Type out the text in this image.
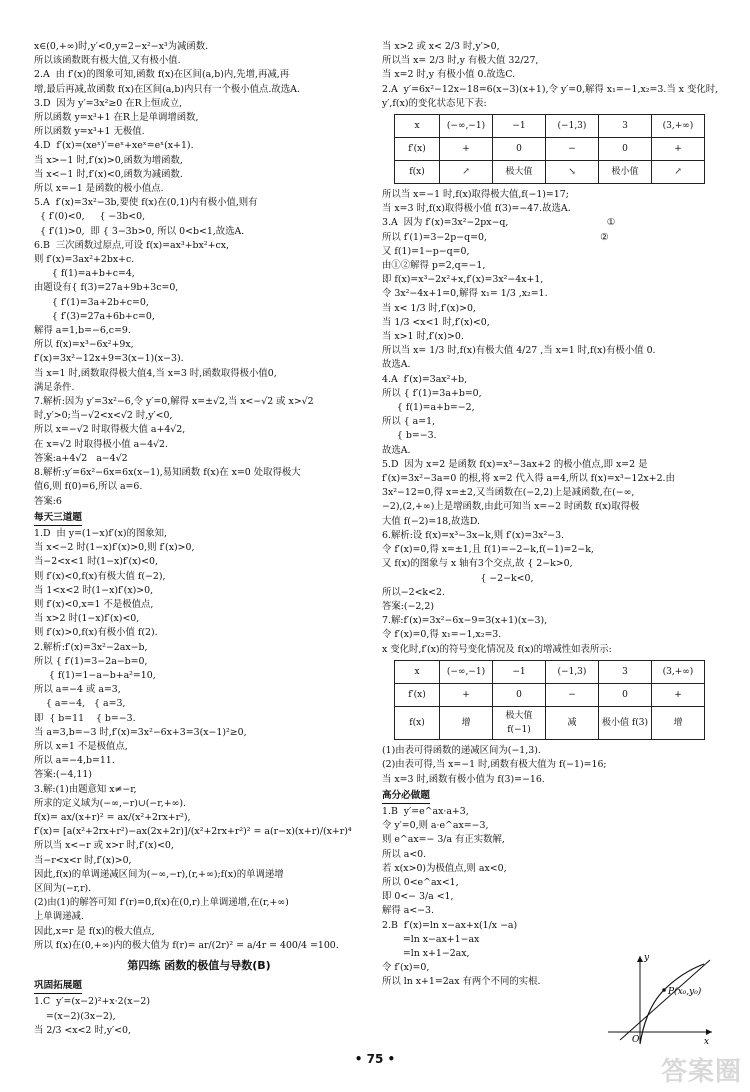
x∈(0,+∞)时,y′<0,y=2−x²−x³为减函数.

所以该函数既有极大值,又有极小值.

2.A  由 f′(x)的图象可知,函数 f(x)在区间(a,b)内,先增,再减,再

增,最后再减,故函数 f(x)在区间(a,b)内只有一个极小值点.故选A.

3.D  因为 y′=3x²≥0 在R上恒成立,

所以函数 y=x³+1 在R上是单调增函数,

所以函数 y=x³+1 无极值.

4.D  f′(x)=(xeˣ)′=eˣ+xeˣ=eˣ(x+1).

当 x>−1 时,f′(x)>0,函数为增函数,

当 x<−1 时,f′(x)<0,函数为减函数.

所以 x=−1 是函数的极小值点.

5.A  f′(x)=3x²−3b,要使 f(x)在(0,1)内有极小值,则有

{ f′(0)<0,     { −3b<0,

{ f′(1)>0,  即 { 3−3b>0, 所以 0<b<1,故选A.

6.B  三次函数过原点,可设 f(x)=ax³+bx²+cx,

则 f′(x)=3ax²+2bx+c.

{ f(1)=a+b+c=4,

由题设有{ f(3)=27a+9b+3c=0,

{ f′(1)=3a+2b+c=0,

{ f′(3)=27a+6b+c=0,

解得 a=1,b=−6,c=9.

所以 f(x)=x³−6x²+9x,

f′(x)=3x²−12x+9=3(x−1)(x−3).

当 x=1 时,函数取得极大值4,当 x=3 时,函数取得极小值0,

满足条件.

7.解析:因为 y′=3x²−6,令 y′=0,解得 x=±√2,当 x<−√2 或 x>√2

时,y′>0;当−√2<x<√2 时,y′<0,

所以 x=−√2 时取得极大值 a+4√2,

在 x=√2 时取得极小值 a−4√2.

答案:a+4√2   a−4√2

8.解析:y′=6x²−6x=6x(x−1),易知函数 f(x)在 x=0 处取得极大

值6,则 f(0)=6,所以 a=6.

答案:6

每天三道题

1.D  由 y=(1−x)f′(x)的图象知,

当 x<−2 时(1−x)f′(x)>0,则 f′(x)>0,

当−2<x<1 时(1−x)f′(x)<0,

则 f′(x)<0,f(x)有极大值 f(−2),

当 1<x<2 时(1−x)f′(x)>0,

则 f′(x)<0,x=1 不是极值点,

当 x>2 时(1−x)f′(x)<0,

则 f′(x)>0,f(x)有极小值 f(2).

2.解析:f′(x)=3x²−2ax−b,

所以 { f′(1)=3−2a−b=0,

{ f(1)=1−a−b+a²=10,

所以 a=−4 或 a=3,

{ a=−4,   { a=3,

即  { b=11    { b=−3.

当 a=3,b=−3 时,f′(x)=3x²−6x+3=3(x−1)²≥0,

所以 x=1 不是极值点,

所以 a=−4,b=11.

答案:(−4,11)

3.解:(1)由题意知 x≠−r,

所求的定义域为(−∞,−r)∪(−r,+∞).

f(x)= ax/(x+r)² = ax/(x²+2rx+r²),

f′(x)= [a(x²+2rx+r²)−ax(2x+2r)]/(x²+2rx+r²)² = a(r−x)(x+r)/(x+r)⁴

所以当 x<−r 或 x>r 时,f′(x)<0,

当−r<x<r 时,f′(x)>0,

因此,f(x)的单调递减区间为(−∞,−r),(r,+∞);f(x)的单调递增

区间为(−r,r).

(2)由(1)的解答可知 f′(r)=0,f(x)在(0,r)上单调递增,在(r,+∞)

上单调递减.

因此,x=r 是 f(x)的极大值点,

所以 f(x)在(0,+∞)内的极大值为 f(r)= ar/(2r)² = a/4r = 400/4 =100.

第四练 函数的极值与导数(B)
巩固拓展题

1.C  y′=(x−2)²+x·2(x−2)

=(x−2)(3x−2),

当 2/3 <x<2 时,y′<0,

当 x>2 或 x< 2/3 时,y′>0,

所以当 x= 2/3 时,y 有极大值 32/27,

当 x=2 时,y 有极小值 0.故选C.

2.A  y′=6x²−12x−18=6(x−3)(x+1),令 y′=0,解得 x₁=−1,x₂=3.当 x 变化时,

y′,f(x)的变化状态见下表:

x	(−∞,−1)	−1	(−1,3)	3	(3,+∞)
f′(x)	+	0	−	0	+
f(x)	↗	极大值	↘	极小值	↗

所以当 x=−1 时,f(x)取得极大值,f(−1)=17;

当 x=3 时,f(x)取得极小值 f(3)=−47.故选A.

3.A  因为 f′(x)=3x²−2px−q,                                 ①

所以 f′(1)=3−2p−q=0,                                      ②

又 f(1)=1−p−q=0,

由①②解得 p=2,q=−1,

即 f(x)=x³−2x²+x,f′(x)=3x²−4x+1,

令 3x²−4x+1=0,解得 x₁= 1/3 ,x₂=1.

当 x< 1/3 时,f′(x)>0,

当 1/3 <x<1 时,f′(x)<0,

当 x>1 时,f′(x)>0.

所以当 x= 1/3 时,f(x)有极大值 4/27 ,当 x=1 时,f(x)有极小值 0.

故选A.

4.A  f′(x)=3ax²+b,

所以 { f′(1)=3a+b=0,

{ f(1)=a+b=−2,

所以 { a=1,

{ b=−3.

故选A.

5.D  因为 x=2 是函数 f(x)=x³−3ax+2 的极小值点,即 x=2 是

f′(x)=3x²−3a=0 的根,将 x=2 代入得 a=4,所以 f(x)=x³−12x+2.由

3x²−12=0,得 x=±2,又当函数在(−2,2)上是减函数,在(−∞,

−2),(2,+∞)上是增函数,由此可知当 x=−2 时函数 f(x)取得极

大值 f(−2)=18,故选D.

6.解析:设 f(x)=x³−3x−k,则 f′(x)=3x²−3.

令 f′(x)=0,得 x=±1,且 f(1)=−2−k,f(−1)=2−k,

又 f(x)的图象与 x 轴有3个交点,故 { 2−k>0,

{ −2−k<0,

所以−2<k<2.

答案:(−2,2)

7.解:f′(x)=3x²−6x−9=3(x+1)(x−3),

令 f′(x)=0,得 x₁=−1,x₂=3.

x 变化时,f′(x)的符号变化情况及 f(x)的增减性如表所示:

x	(−∞,−1)	−1	(−1,3)	3	(3,+∞)
f′(x)	+	0	−	0	+
f(x)	增	极大值 f(−1)	减	极小值 f(3)	增

(1)由表可得函数的递减区间为(−1,3).

(2)由表可得,当 x=−1 时,函数有极大值为 f(−1)=16;

当 x=3 时,函数有极小值为 f(3)=−16.

高分必做题

1.B  y′=e^ax·a+3,

令 y′=0,则 a·e^ax=−3,

则 e^ax=− 3/a 有正实数解,

所以 a<0.

若 x(x>0)为极值点,则 ax<0,

所以 0<e^ax<1,

即 0<− 3/a <1,

解得 a<−3.

2.B  f′(x)=ln x−ax+x(1/x −a)

=ln x−ax+1−ax

=ln x+1−2ax,

令 f′(x)=0,

所以 ln x+1=2ax 有两个不同的实根.

P(x₀,y₀)
O	x
y
• 75 •	答案圈
